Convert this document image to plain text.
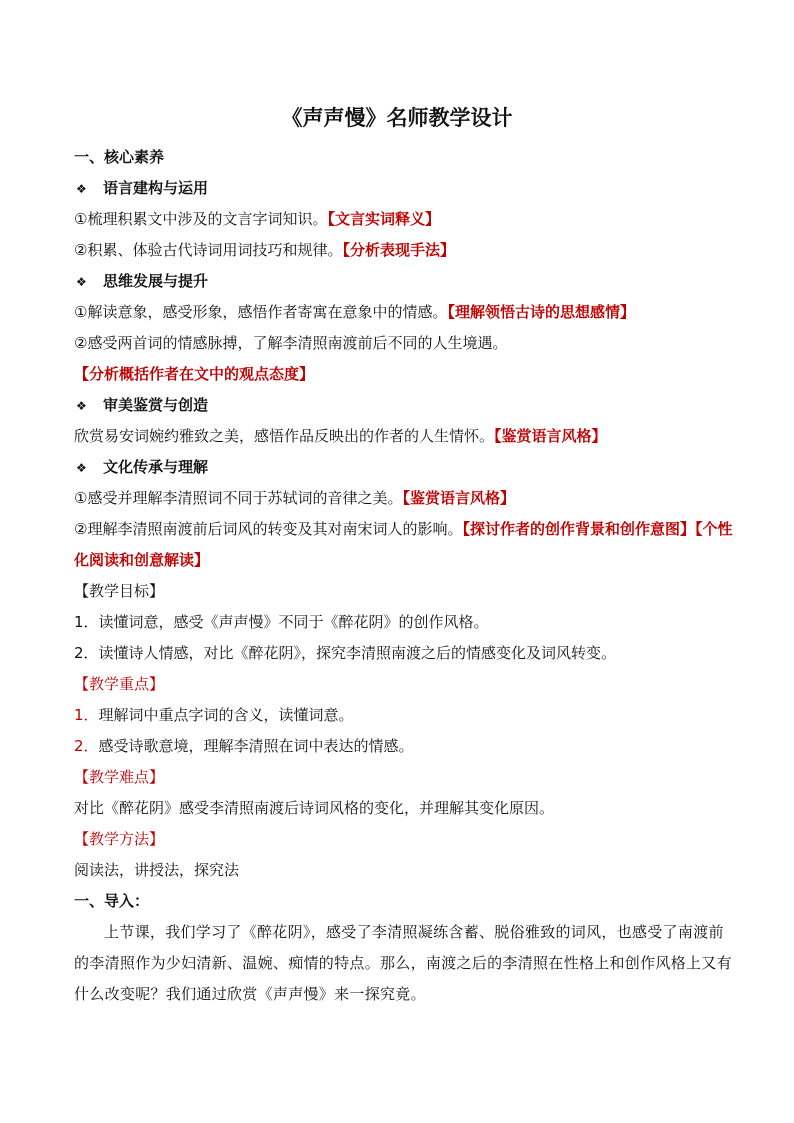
《声声慢》名师教学设计
一、核心素养
❖ 语言建构与运用
①梳理积累文中涉及的文言字词知识。【文言实词释义】
②积累、体验古代诗词用词技巧和规律。【分析表现手法】
❖ 思维发展与提升
①解读意象，感受形象，感悟作者寄寓在意象中的情感。【理解领悟古诗的思想感情】
②感受两首词的情感脉搏，了解李清照南渡前后不同的人生境遇。【分析概括作者在文中的观点态度】
❖ 审美鉴赏与创造
欣赏易安词婉约雅致之美，感悟作品反映出的作者的人生情怀。【鉴赏语言风格】
❖ 文化传承与理解
①感受并理解李清照词不同于苏轼词的音律之美。【鉴赏语言风格】
②理解李清照南渡前后词风的转变及其对南宋词人的影响。【探讨作者的创作背景和创作意图】【个性化阅读和创意解读】
【教学目标】
1．读懂词意，感受《声声慢》不同于《醉花阴》的创作风格。
2．读懂诗人情感，对比《醉花阴》，探究李清照南渡之后的情感变化及词风转变。
【教学重点】
1．理解词中重点字词的含义，读懂词意。
2．感受诗歌意境，理解李清照在词中表达的情感。
【教学难点】
对比《醉花阴》感受李清照南渡后诗词风格的变化，并理解其变化原因。
【教学方法】
阅读法，讲授法，探究法
一、导入：
上节课，我们学习了《醉花阴》，感受了李清照凝练含蓄、脱俗雅致的词风，也感受了南渡前的李清照作为少妇清新、温婉、痴情的特点。那么，南渡之后的李清照在性格上和创作风格上又有什么改变呢？我们通过欣赏《声声慢》来一探究竟。
